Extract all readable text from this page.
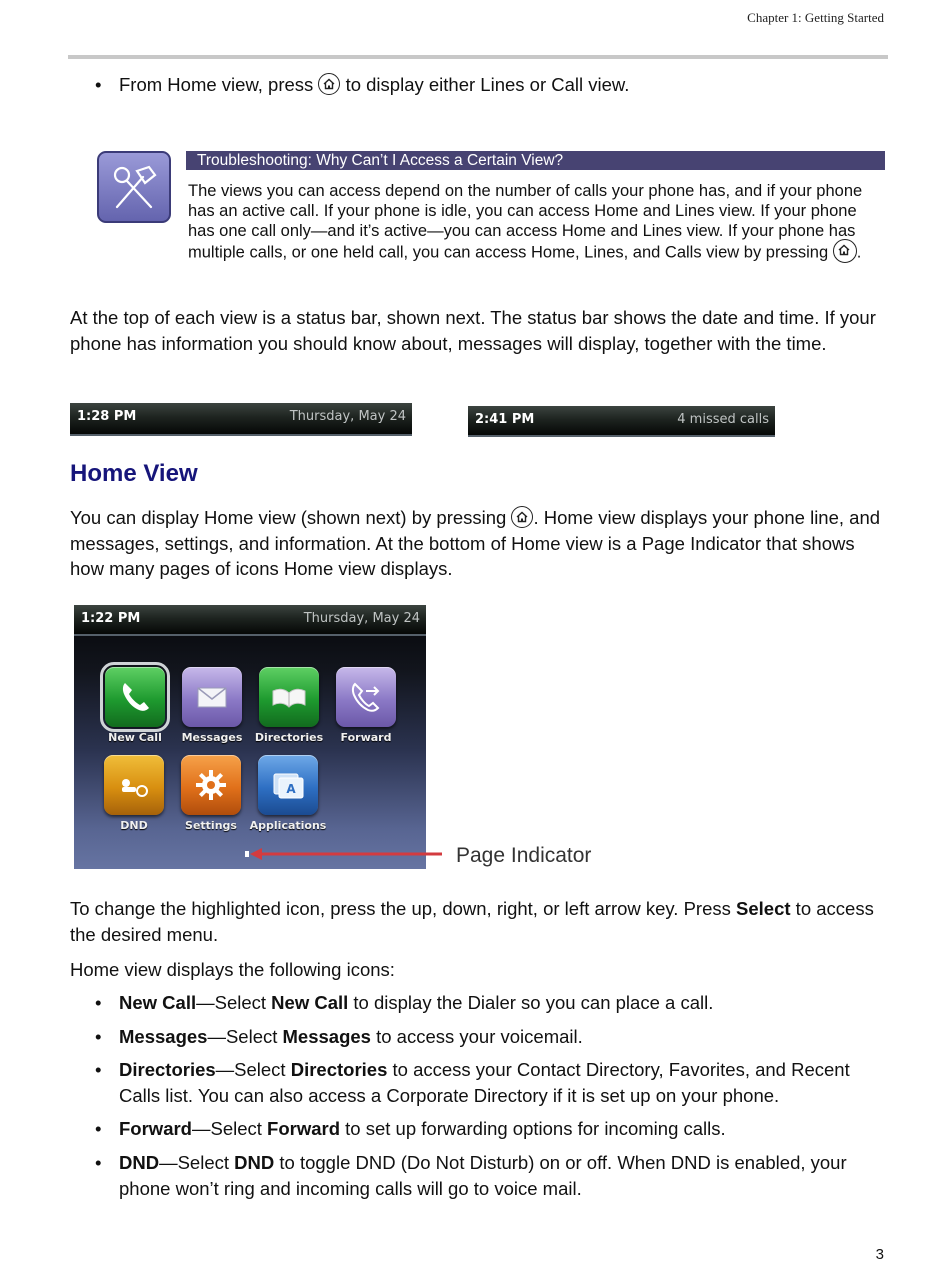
Chapter 1: Getting Started
• From Home view, press to display either Lines or Call view.
Troubleshooting: Why Can’t I Access a Certain View?
The views you can access depend on the number of calls your phone has, and if your phone has an active call. If your phone is idle, you can access Home and Lines view. If your phone has one call only—and it’s active—you can access Home and Lines view. If your phone has multiple calls, or one held call, you can access Home, Lines, and Calls view by pressing .
At the top of each view is a status bar, shown next. The status bar shows the date and time. If your phone has information you should know about, messages will display, together with the time.
1:28 PM	Thursday, May 24	2:41 PM	4 missed calls
Home View
You can display Home view (shown next) by pressing . Home view displays your phone line, and messages, settings, and information. At the bottom of Home view is a Page Indicator that shows how many pages of icons Home view displays.
1:22 PM	Thursday, May 24
New Call	Messages	Directories	Forward
DND	Settings
A
Applications
Page Indicator
To change the highlighted icon, press the up, down, right, or left arrow key. Press Select to access the desired menu.
Home view displays the following icons:
• New Call—Select New Call to display the Dialer so you can place a call.
• Messages—Select Messages to access your voicemail.
• Directories—Select Directories to access your Contact Directory, Favorites, and Recent Calls list. You can also access a Corporate Directory if it is set up on your phone.
• Forward—Select Forward to set up forwarding options for incoming calls.
• DND—Select DND to toggle DND (Do Not Disturb) on or off. When DND is enabled, your phone won’t ring and incoming calls will go to voice mail.
3
